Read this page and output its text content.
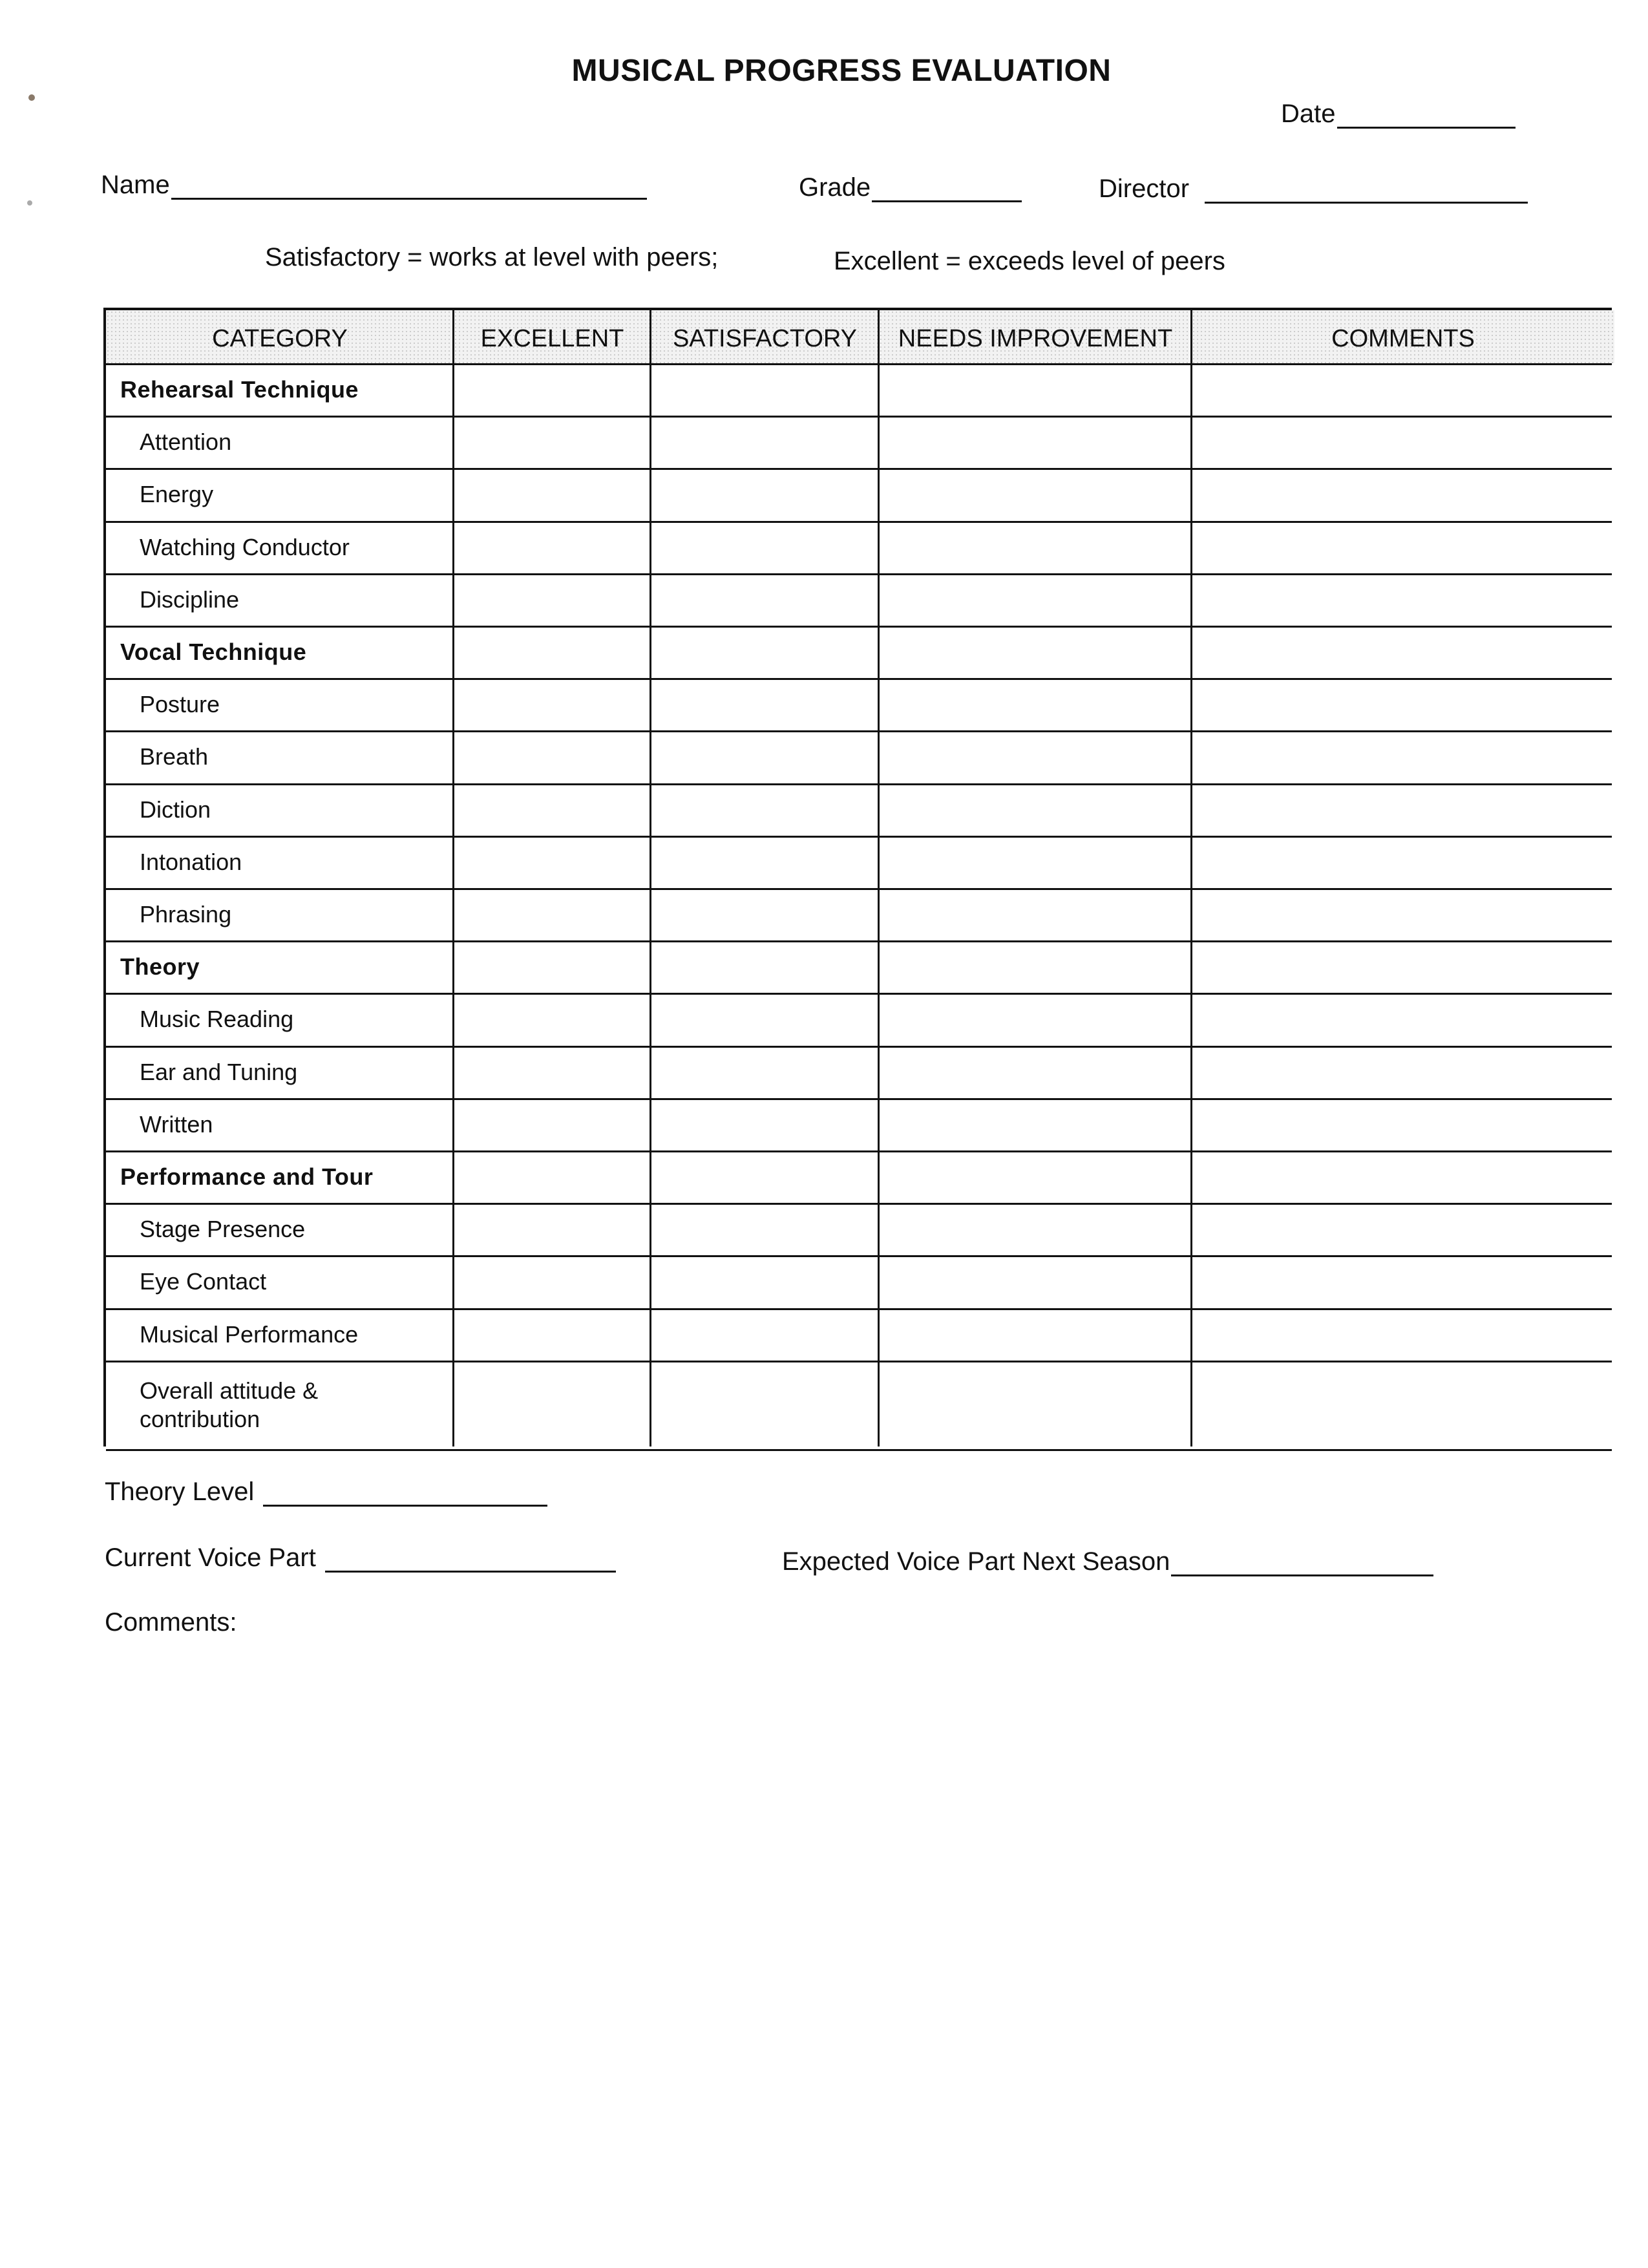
MUSICAL PROGRESS EVALUATION
Date
Name	Grade	Director
Satisfactory = works at level with peers;	Excellent = exceeds level of peers
CATEGORY	EXCELLENT	SATISFACTORY	NEEDS IMPROVEMENT	COMMENTS
Rehearsal Technique
Attention
Energy
Watching Conductor
Discipline
Vocal Technique
Posture
Breath
Diction
Intonation
Phrasing
Theory
Music Reading
Ear and Tuning
Written
Performance and Tour
Stage Presence
Eye Contact
Musical Performance
Overall attitude & contribution
Theory Level
Current Voice Part	Expected Voice Part Next Season
Comments:
